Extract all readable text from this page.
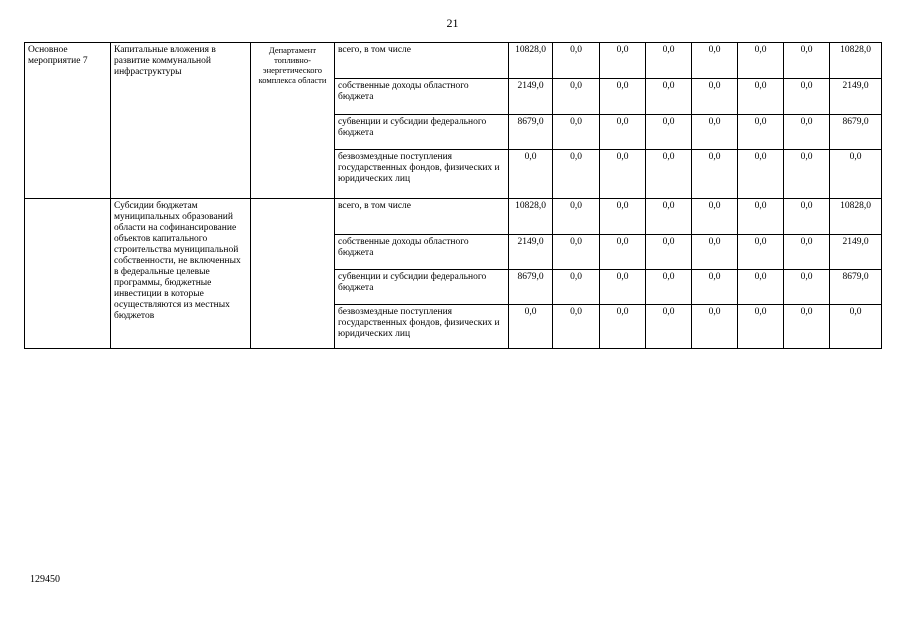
21
Основное мероприятие 7	Капитальные вложения в развитие коммунальной инфраструктуры	Департамент топливно-энергетического комплекса области	всего, в том числе	10828,0	0,0	0,0	0,0	0,0	0,0	0,0	10828,0
			собственные доходы областного бюджета	2149,0	0,0	0,0	0,0	0,0	0,0	0,0	2149,0
			субвенции и субсидии федерального бюджета	8679,0	0,0	0,0	0,0	0,0	0,0	0,0	8679,0
			безвозмездные поступления государственных фондов, физических и юридических лиц	0,0	0,0	0,0	0,0	0,0	0,0	0,0	0,0
	Субсидии бюджетам муниципальных образований области на софинансирование объектов капитального строительства муниципальной собственности, не включенных в федеральные целевые программы, бюджетные инвестиции в которые осуществляются из местных бюджетов		всего, в том числе	10828,0	0,0	0,0	0,0	0,0	0,0	0,0	10828,0
			собственные доходы областного бюджета	2149,0	0,0	0,0	0,0	0,0	0,0	0,0	2149,0
			субвенции и субсидии федерального бюджета	8679,0	0,0	0,0	0,0	0,0	0,0	0,0	8679,0
			безвозмездные поступления государственных фондов, физических и юридических лиц	0,0	0,0	0,0	0,0	0,0	0,0	0,0	0,0
129450
